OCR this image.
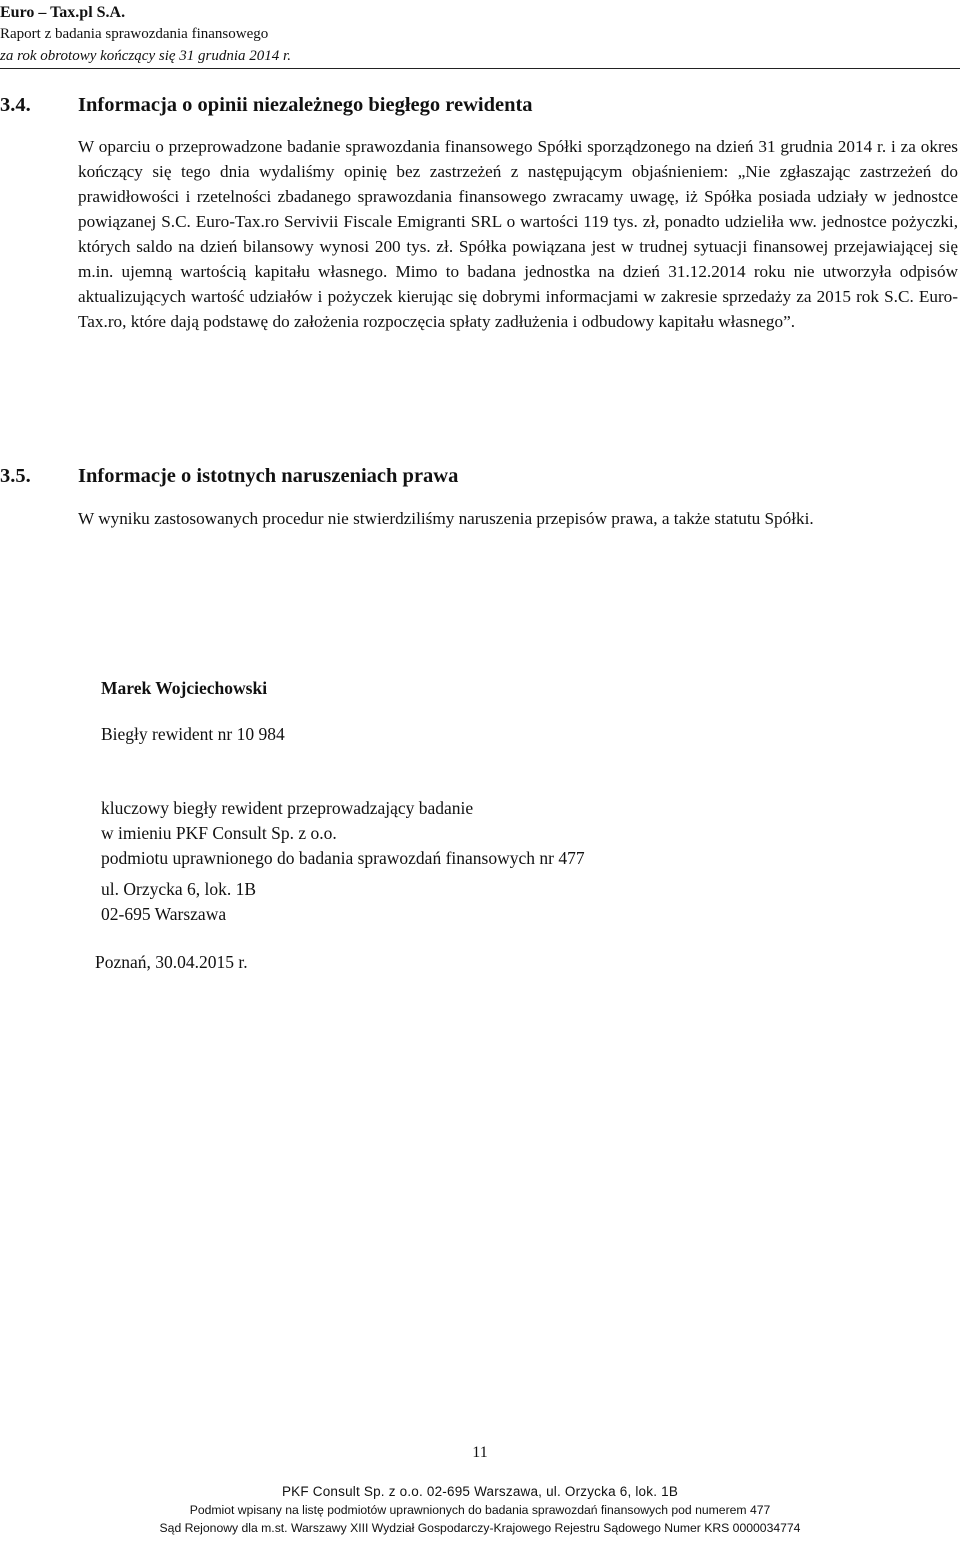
Euro – Tax.pl S.A.
Raport z badania sprawozdania finansowego
za rok obrotowy kończący się 31 grudnia 2014 r.
3.4. Informacja o opinii niezależnego biegłego rewidenta
W oparciu o przeprowadzone badanie sprawozdania finansowego Spółki sporządzonego na dzień 31 grudnia 2014 r. i za okres kończący się tego dnia wydaliśmy opinię bez zastrzeżeń z następującym objaśnieniem: „Nie zgłaszając zastrzeżeń do prawidłowości i rzetelności zbadanego sprawozdania finansowego zwracamy uwagę, iż Spółka posiada udziały w jednostce powiązanej S.C. Euro-Tax.ro Servivii Fiscale Emigranti SRL o wartości 119 tys. zł, ponadto udzieliła ww. jednostce pożyczki, których saldo na dzień bilansowy wynosi 200 tys. zł. Spółka powiązana jest w trudnej sytuacji finansowej przejawiającej się m.in. ujemną wartością kapitału własnego. Mimo to badana jednostka na dzień 31.12.2014 roku nie utworzyła odpisów aktualizujących wartość udziałów i pożyczek kierując się dobrymi informacjami w zakresie sprzedaży za 2015 rok S.C. Euro-Tax.ro, które dają podstawę do założenia rozpoczęcia spłaty zadłużenia i odbudowy kapitału własnego”.
3.5. Informacje o istotnych naruszeniach prawa
W wyniku zastosowanych procedur nie stwierdziliśmy naruszenia przepisów prawa, a także statutu Spółki.
Marek Wojciechowski
Biegły rewident nr 10 984
kluczowy biegły rewident przeprowadzający badanie
w imieniu PKF Consult Sp. z o.o.
podmiotu uprawnionego do badania sprawozdań finansowych nr 477
ul. Orzycka 6, lok. 1B
02-695 Warszawa
Poznań, 30.04.2015 r.
11
PKF Consult Sp. z o.o. 02-695 Warszawa, ul. Orzycka 6, lok. 1B
Podmiot wpisany na listę podmiotów uprawnionych do badania sprawozdań finansowych pod numerem 477
Sąd Rejonowy dla m.st. Warszawy XIII Wydział Gospodarczy-Krajowego Rejestru Sądowego Numer KRS 0000034774
